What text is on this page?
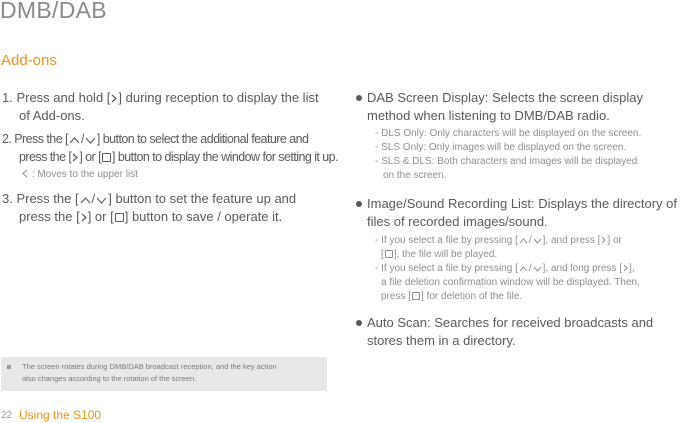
DMB/DAB
Add-ons
1. Press and hold [ ] during reception to display the list
of Add-ons.
2. Press the [ / ] button to select the additional feature and
press the [ ] or [ ] button to display the window for setting it up.
: Moves to the upper list
3. Press the [ / ] button to set the feature up and
press the [ ] or [ ] button to save / operate it.
DAB Screen Display: Selects the screen display
method when listening to DMB/DAB radio.
- DLS Only: Only characters will be displayed on the screen.
- SLS Only: Only images will be displayed on the screen.
- SLS & DLS: Both characters and images will be displayed
on the screen.
Image/Sound Recording List: Displays the directory of
files of recorded images/sound.
- If you select a file by pressing [ / ], and press [ ] or
[ ], the file will be played.
- If you select a file by pressing [ / ], and long press [ ],
a file deletion confirmation window will be displayed. Then,
press [ ] for deletion of the file.
Auto Scan: Searches for received broadcasts and
stores them in a directory.
The screen rotates during DMB/DAB broadcast reception, and the key action
also changes according to the rotation of the screen.
22 Using the S100
